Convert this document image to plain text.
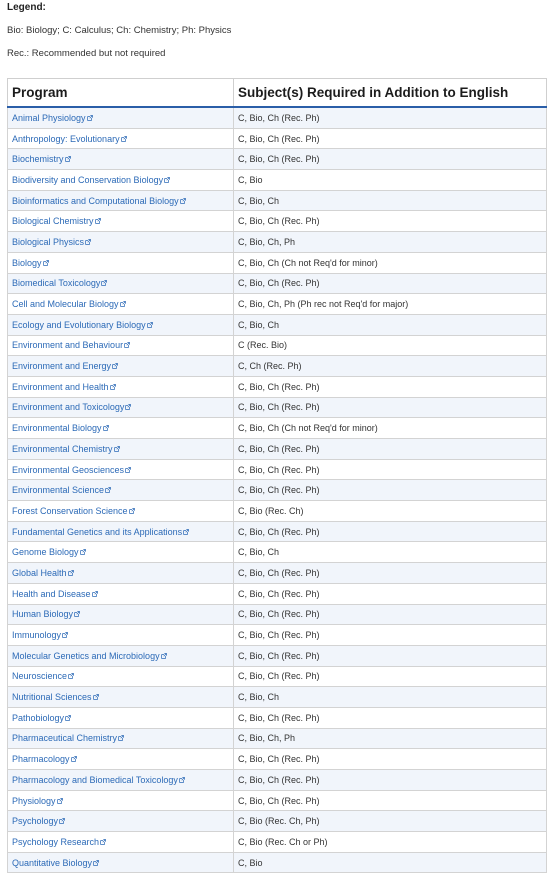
Legend:
Bio: Biology; C: Calculus; Ch: Chemistry; Ph: Physics
Rec.: Recommended but not required
Program	Subject(s) Required in Addition to English
Animal Physiology	C, Bio, Ch (Rec. Ph)
Anthropology: Evolutionary	C, Bio, Ch (Rec. Ph)
Biochemistry	C, Bio, Ch (Rec. Ph)
Biodiversity and Conservation Biology	C, Bio
Bioinformatics and Computational Biology	C, Bio, Ch
Biological Chemistry	C, Bio, Ch (Rec. Ph)
Biological Physics	C, Bio, Ch, Ph
Biology	C, Bio, Ch (Ch not Req'd for minor)
Biomedical Toxicology	C, Bio, Ch (Rec. Ph)
Cell and Molecular Biology	C, Bio, Ch, Ph (Ph rec not Req'd for major)
Ecology and Evolutionary Biology	C, Bio, Ch
Environment and Behaviour	C (Rec. Bio)
Environment and Energy	C, Ch (Rec. Ph)
Environment and Health	C, Bio, Ch (Rec. Ph)
Environment and Toxicology	C, Bio, Ch (Rec. Ph)
Environmental Biology	C, Bio, Ch (Ch not Req'd for minor)
Environmental Chemistry	C, Bio, Ch (Rec. Ph)
Environmental Geosciences	C, Bio, Ch (Rec. Ph)
Environmental Science	C, Bio, Ch (Rec. Ph)
Forest Conservation Science	C, Bio (Rec. Ch)
Fundamental Genetics and its Applications	C, Bio, Ch (Rec. Ph)
Genome Biology	C, Bio, Ch
Global Health	C, Bio, Ch (Rec. Ph)
Health and Disease	C, Bio, Ch (Rec. Ph)
Human Biology	C, Bio, Ch (Rec. Ph)
Immunology	C, Bio, Ch (Rec. Ph)
Molecular Genetics and Microbiology	C, Bio, Ch (Rec. Ph)
Neuroscience	C, Bio, Ch (Rec. Ph)
Nutritional Sciences	C, Bio, Ch
Pathobiology	C, Bio, Ch (Rec. Ph)
Pharmaceutical Chemistry	C, Bio, Ch, Ph
Pharmacology	C, Bio, Ch (Rec. Ph)
Pharmacology and Biomedical Toxicology	C, Bio, Ch (Rec. Ph)
Physiology	C, Bio, Ch (Rec. Ph)
Psychology	C, Bio (Rec. Ch, Ph)
Psychology Research	C, Bio (Rec. Ch or Ph)
Quantitative Biology	C, Bio
